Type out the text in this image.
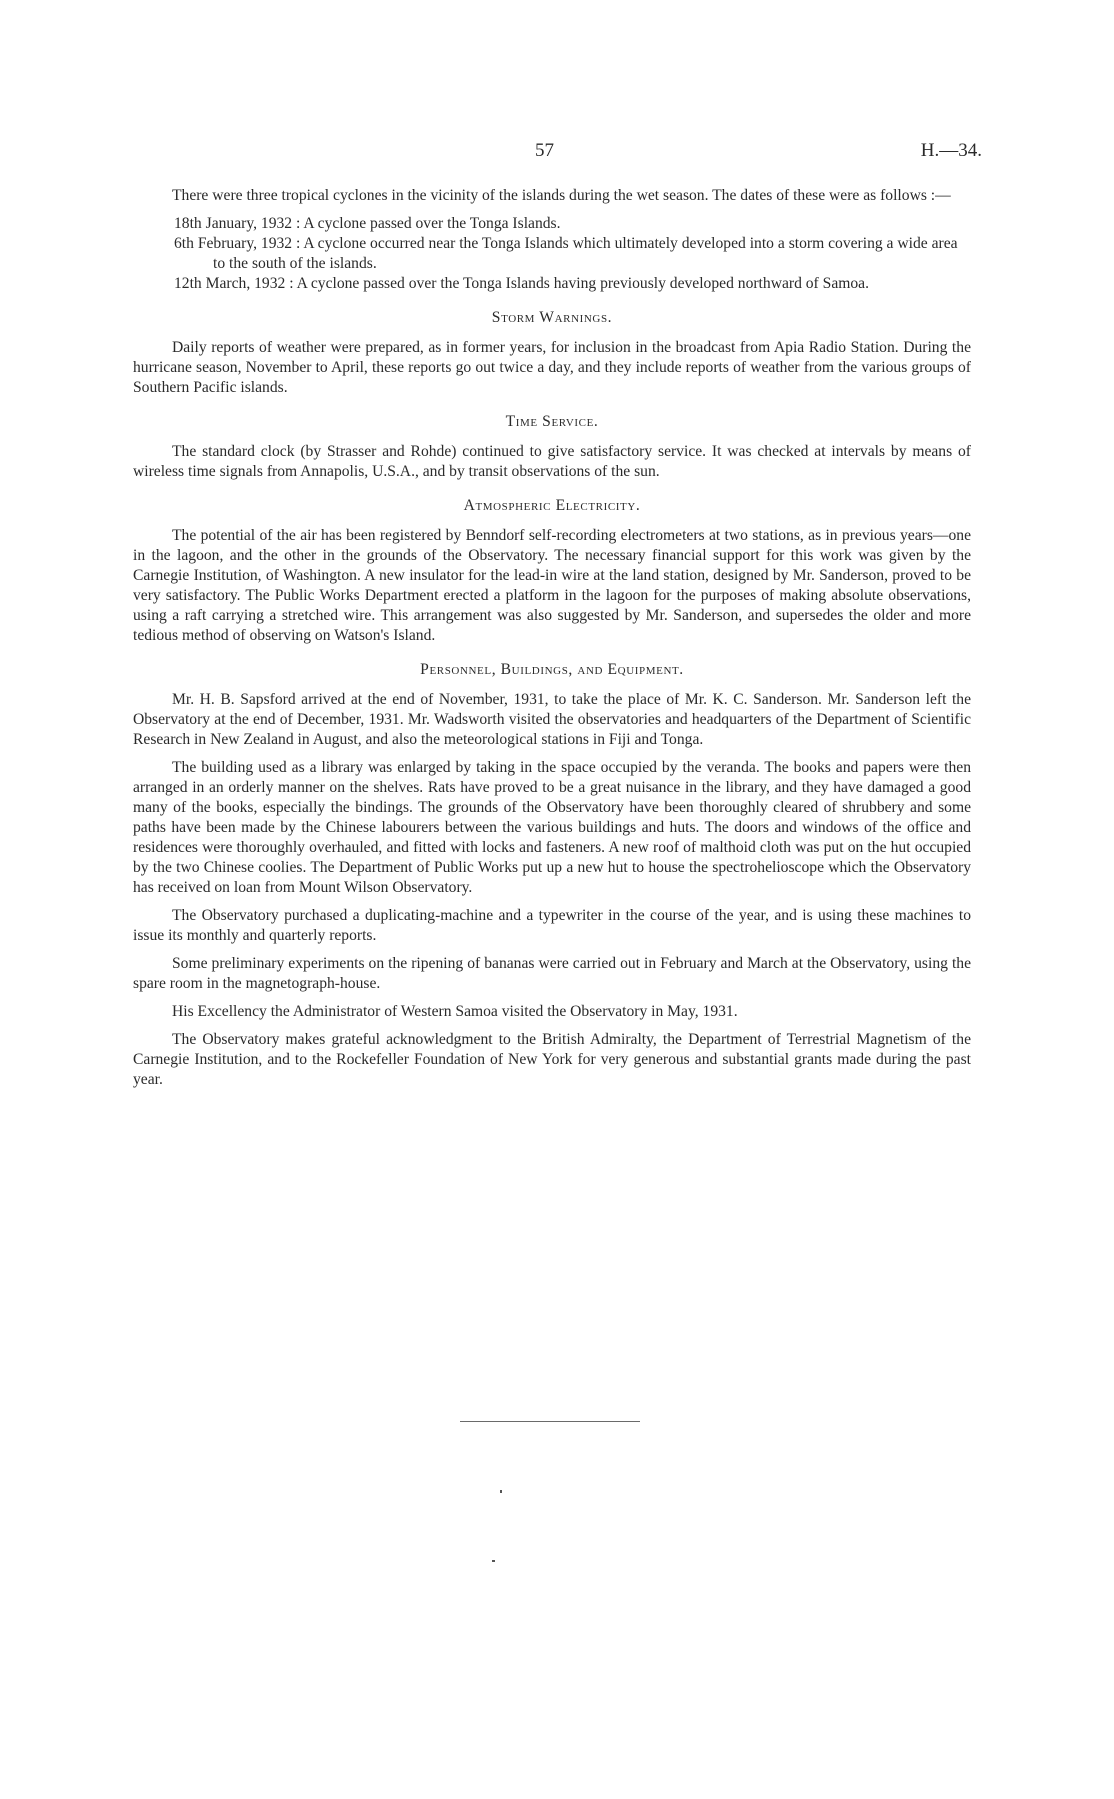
57	H.—34.

There were three tropical cyclones in the vicinity of the islands during the wet season. The dates of these were as follows :—

18th January, 1932 : A cyclone passed over the Tonga Islands.
6th February, 1932 : A cyclone occurred near the Tonga Islands which ultimately developed into a storm covering a wide area to the south of the islands.
12th March, 1932 : A cyclone passed over the Tonga Islands having previously developed northward of Samoa.
Storm Warnings.

Daily reports of weather were prepared, as in former years, for inclusion in the broadcast from Apia Radio Station. During the hurricane season, November to April, these reports go out twice a day, and they include reports of weather from the various groups of Southern Pacific islands.

Time Service.

The standard clock (by Strasser and Rohde) continued to give satisfactory service. It was checked at intervals by means of wireless time signals from Annapolis, U.S.A., and by transit observations of the sun.

Atmospheric Electricity.

The potential of the air has been registered by Benndorf self-recording electrometers at two stations, as in previous years—one in the lagoon, and the other in the grounds of the Observatory. The necessary financial support for this work was given by the Carnegie Institution, of Washington. A new insulator for the lead-in wire at the land station, designed by Mr. Sanderson, proved to be very satisfactory. The Public Works Department erected a platform in the lagoon for the purposes of making absolute observations, using a raft carrying a stretched wire. This arrangement was also suggested by Mr. Sanderson, and supersedes the older and more tedious method of observing on Watson's Island.

Personnel, Buildings, and Equipment.

Mr. H. B. Sapsford arrived at the end of November, 1931, to take the place of Mr. K. C. Sanderson. Mr. Sanderson left the Observatory at the end of December, 1931. Mr. Wadsworth visited the observatories and headquarters of the Department of Scientific Research in New Zealand in August, and also the meteorological stations in Fiji and Tonga.

The building used as a library was enlarged by taking in the space occupied by the veranda. The books and papers were then arranged in an orderly manner on the shelves. Rats have proved to be a great nuisance in the library, and they have damaged a good many of the books, especially the bindings. The grounds of the Observatory have been thoroughly cleared of shrubbery and some paths have been made by the Chinese labourers between the various buildings and huts. The doors and windows of the office and residences were thoroughly overhauled, and fitted with locks and fasteners. A new roof of malthoid cloth was put on the hut occupied by the two Chinese coolies. The Department of Public Works put up a new hut to house the spectrohelioscope which the Observatory has received on loan from Mount Wilson Observatory.

The Observatory purchased a duplicating-machine and a typewriter in the course of the year, and is using these machines to issue its monthly and quarterly reports.

Some preliminary experiments on the ripening of bananas were carried out in February and March at the Observatory, using the spare room in the magnetograph-house.

His Excellency the Administrator of Western Samoa visited the Observatory in May, 1931.

The Observatory makes grateful acknowledgment to the British Admiralty, the Department of Terrestrial Magnetism of the Carnegie Institution, and to the Rockefeller Foundation of New York for very generous and substantial grants made during the past year.
